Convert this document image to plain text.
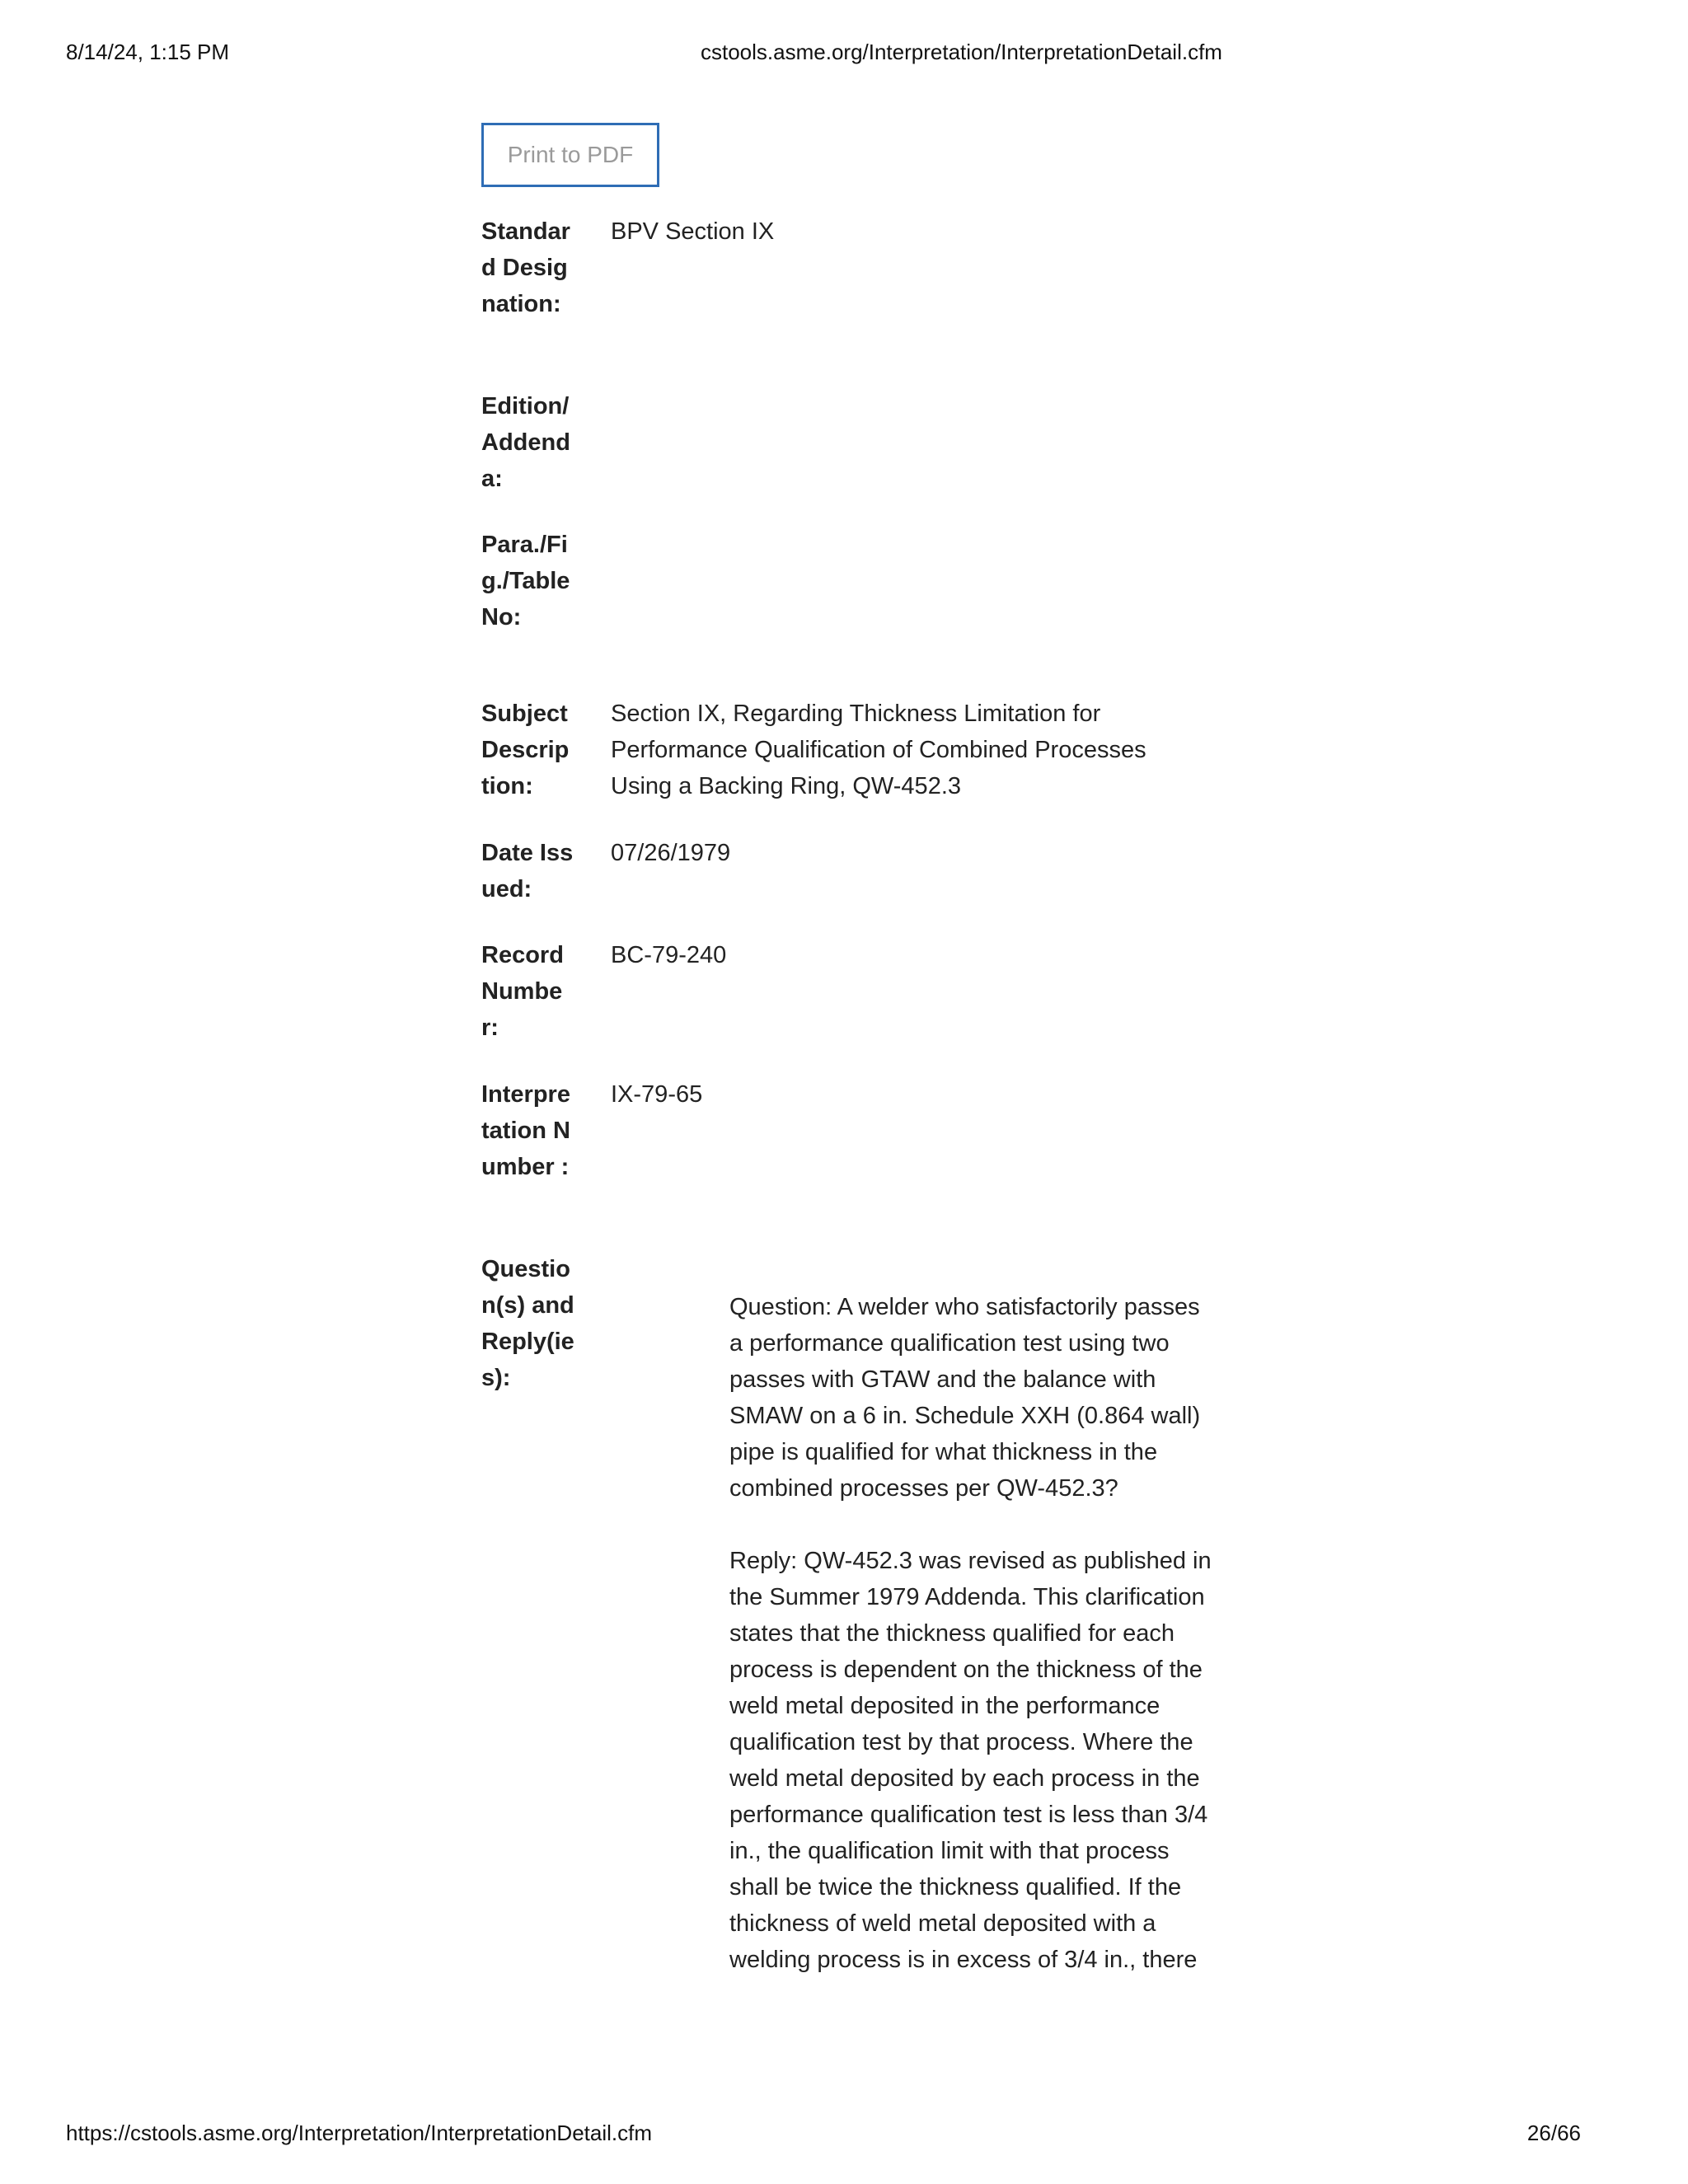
8/14/24, 1:15 PM	cstools.asme.org/Interpretation/InterpretationDetail.cfm
Print to PDF
Standard Designation:
BPV Section IX
Edition/Addenda:
Para./Fig./Table No:
Subject Description:
Section IX, Regarding Thickness Limitation for Performance Qualification of Combined Processes Using a Backing Ring, QW-452.3
Date Issued:
07/26/1979
Record Number:
BC-79-240
Interpretation Number :
IX-79-65
Question(s) and Reply(ies):

Question: A welder who satisfactorily passes a performance qualification test using two passes with GTAW and the balance with SMAW on a 6 in. Schedule XXH (0.864 wall) pipe is qualified for what thickness in the combined processes per QW-452.3?

Reply: QW-452.3 was revised as published in the Summer 1979 Addenda. This clarification states that the thickness qualified for each process is dependent on the thickness of the weld metal deposited in the performance qualification test by that process. Where the weld metal deposited by each process in the performance qualification test is less than 3/4 in., the qualification limit with that process shall be twice the thickness qualified. If the thickness of weld metal deposited with a welding process is in excess of 3/4 in., there

https://cstools.asme.org/Interpretation/InterpretationDetail.cfm	26/66
